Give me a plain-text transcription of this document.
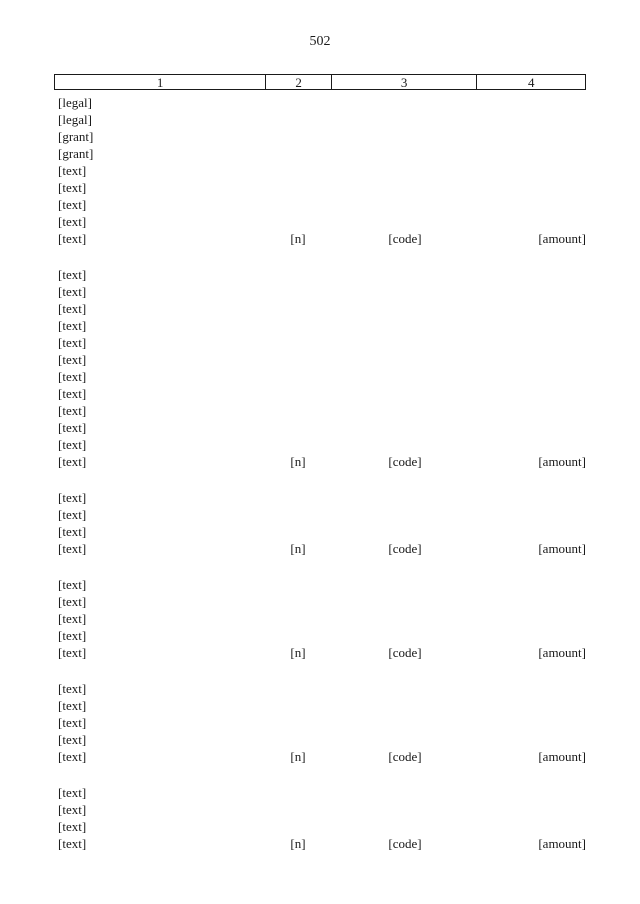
502
1	2	3	4
[legal]
[legal]
[grant]
[grant]
[text]
[text]
[text]
[text]
[text]	[n]	[code]	[amount]
[text]
[text]
[text]
[text]
[text]
[text]
[text]
[text]
[text]
[text]
[text]
[text]	[n]	[code]	[amount]
[text]
[text]
[text]
[text]	[n]	[code]	[amount]
[text]
[text]
[text]
[text]
[text]	[n]	[code]	[amount]
[text]
[text]
[text]
[text]
[text]	[n]	[code]	[amount]
[text]
[text]
[text]
[text]	[n]	[code]	[amount]
